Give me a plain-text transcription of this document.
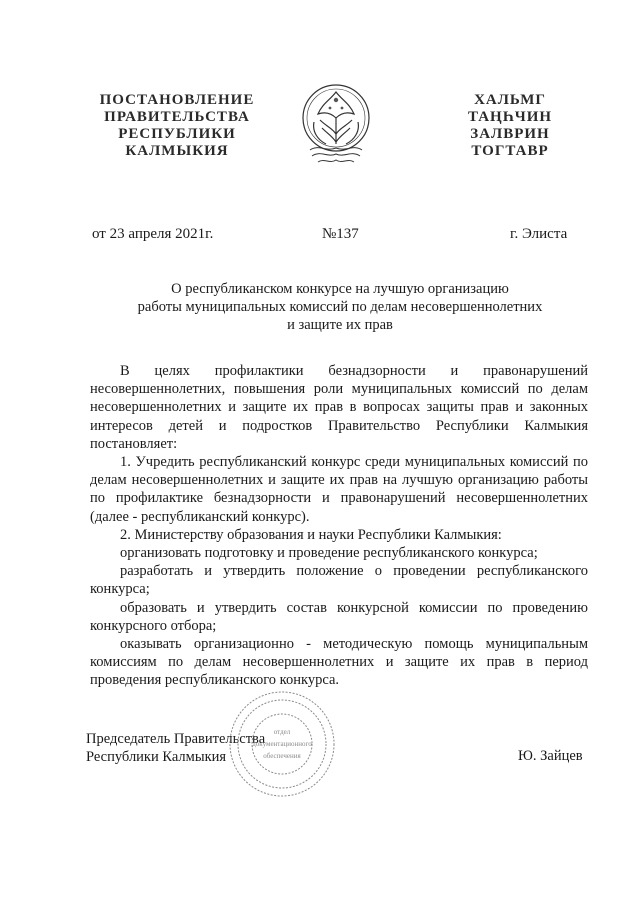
ПОСТАНОВЛЕНИЕ
ПРАВИТЕЛЬСТВА
РЕСПУБЛИКИ
КАЛМЫКИЯ
ХАЛЬМГ
ТАҢҺЧИН
ЗАЛВРИН
ТОГТАВР
от 23 апреля 2021г.	№137	г. Элиста
О республиканском конкурсе на лучшую организацию
работы муниципальных комиссий по делам несовершеннолетних
и защите их прав

В целях профилактики безнадзорности и правонарушений несовершеннолетних, повышения роли муниципальных комиссий по делам несовершеннолетних и защите их прав в вопросах защиты прав и законных интересов детей и подростков Правительство Республики Калмыкия постановляет:

1. Учредить республиканский конкурс среди муниципальных комиссий по делам несовершеннолетних и защите их прав на лучшую организацию работы по профилактике безнадзорности и правонарушений несовершеннолетних (далее - республиканский конкурс).

2. Министерству образования и науки Республики Калмыкия:

организовать подготовку и проведение республиканского конкурса;

разработать и утвердить положение о проведении республиканского конкурса;

образовать и утвердить состав конкурсной комиссии по проведению конкурсного отбора;

оказывать организационно - методическую помощь муниципальным комиссиям по делам несовершеннолетних и защите их прав в период проведения республиканского конкурса.

Председатель Правительства
Республики Калмыкия
отдел
документационного
обеспечения	Ю. Зайцев
